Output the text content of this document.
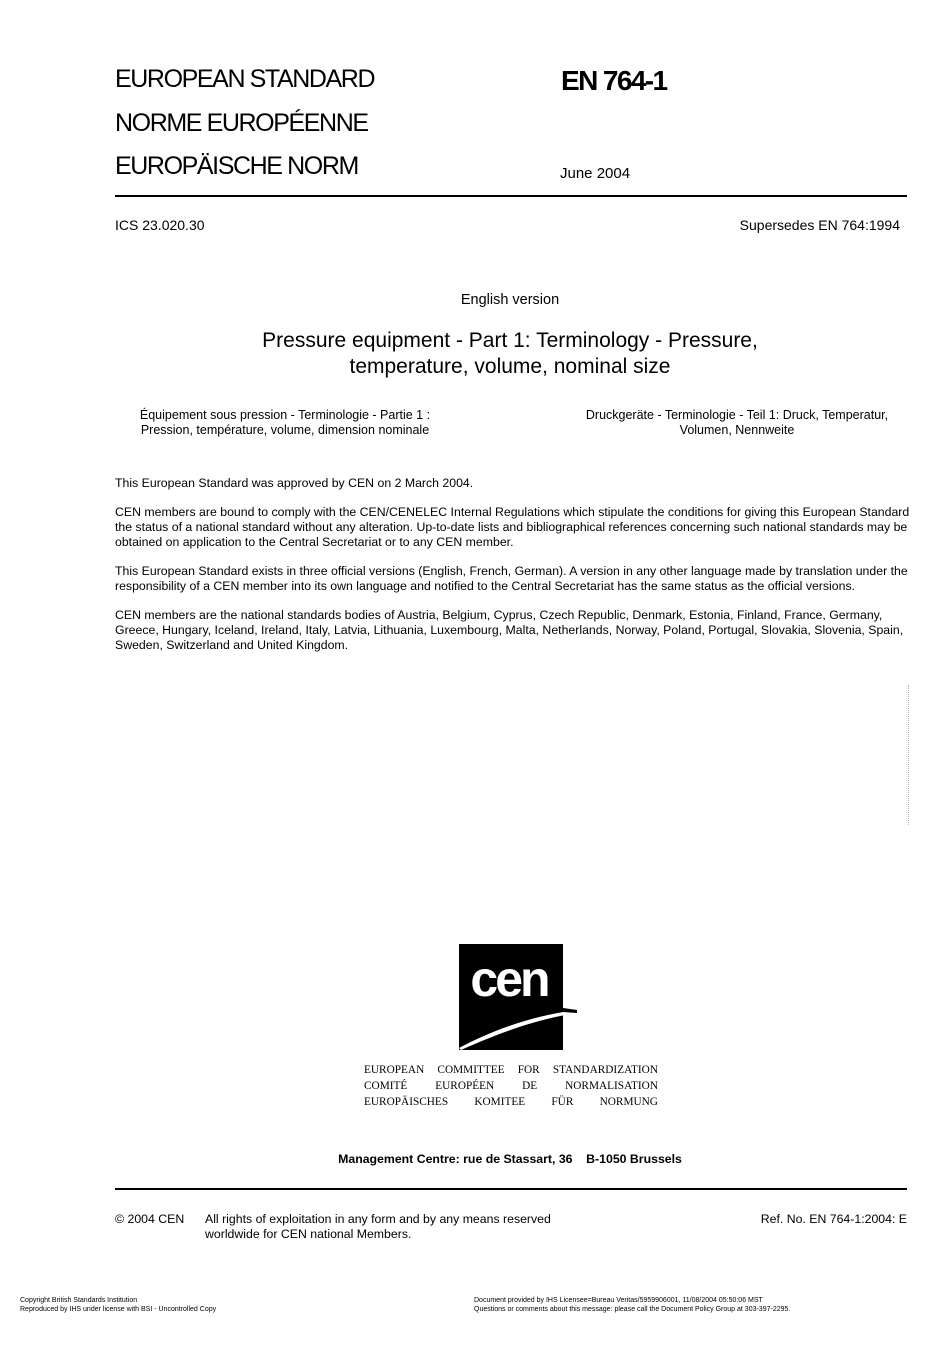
EUROPEAN STANDARD
NORME EUROPÉENNE
EUROPÄISCHE NORM
EN 764-1
June 2004
ICS 23.020.30	Supersedes EN 764:1994
English version
Pressure equipment - Part 1: Terminology - Pressure, temperature, volume, nominal size
Équipement sous pression - Terminologie - Partie 1 : Pression, température, volume, dimension nominale
Druckgeräte - Terminologie - Teil 1: Druck, Temperatur, Volumen, Nennweite

This European Standard was approved by CEN on 2 March 2004.

CEN members are bound to comply with the CEN/CENELEC Internal Regulations which stipulate the conditions for giving this European Standard the status of a national standard without any alteration. Up-to-date lists and bibliographical references concerning such national standards may be obtained on application to the Central Secretariat or to any CEN member.

This European Standard exists in three official versions (English, French, German). A version in any other language made by translation under the responsibility of a CEN member into its own language and notified to the Central Secretariat has the same status as the official versions.

CEN members are the national standards bodies of Austria, Belgium, Cyprus, Czech Republic, Denmark, Estonia, Finland, France, Germany, Greece, Hungary, Iceland, Ireland, Italy, Latvia, Lithuania, Luxembourg, Malta, Netherlands, Norway, Poland, Portugal, Slovakia, Slovenia, Spain, Sweden, Switzerland and United Kingdom.

cen
EUROPEAN COMMITTEE FOR STANDARDIZATION
COMITÉ EUROPÉEN DE NORMALISATION
EUROPÄISCHES KOMITEE FÜR NORMUNG
Management Centre: rue de Stassart, 36    B-1050 Brussels
© 2004 CEN All rights of exploitation in any form and by any means reserved worldwide for CEN national Members.
Ref. No. EN 764-1:2004: E
Copyright British Standards Institution
Reproduced by IHS under license with BSI - Uncontrolled Copy
Document provided by IHS Licensee=Bureau Veritas/5959906001, 11/08/2004 05:50:06 MST Questions or comments about this message: please call the Document Policy Group at 303-397-2295.
